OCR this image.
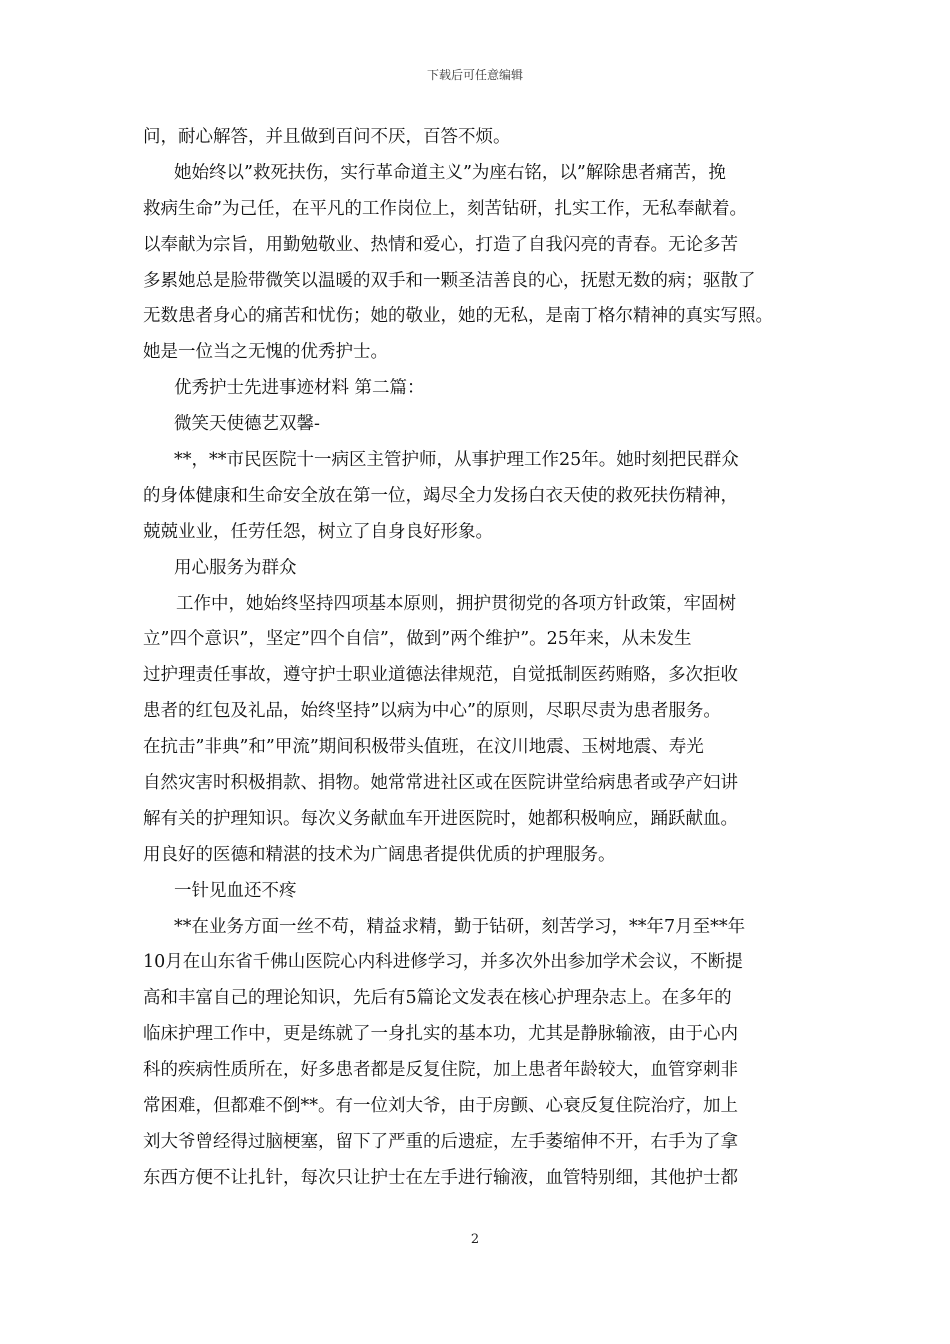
下载后可任意编辑
问，耐心解答，并且做到百问不厌，百答不烦。
她始终以”救死扶伤，实行革命道主义”为座右铭，以”解除患者痛苦，挽
救病生命”为己任，在平凡的工作岗位上，刻苦钻研，扎实工作，无私奉献着。
以奉献为宗旨，用勤勉敬业、热情和爱心，打造了自我闪亮的青春。无论多苦
多累她总是脸带微笑以温暖的双手和一颗圣洁善良的心，抚慰无数的病；驱散了
无数患者身心的痛苦和忧伤；她的敬业，她的无私，是南丁格尔精神的真实写照。
她是一位当之无愧的优秀护士。
优秀护士先进事迹材料 第二篇：
微笑天使德艺双馨-
**，**市民医院十一病区主管护师，从事护理工作25年。她时刻把民群众
的身体健康和生命安全放在第一位，竭尽全力发扬白衣天使的救死扶伤精神，
兢兢业业，任劳任怨，树立了自身良好形象。
用心服务为群众
工作中，她始终坚持四项基本原则，拥护贯彻党的各项方针政策，牢固树
立”四个意识”，坚定”四个自信”，做到”两个维护”。25年来，从未发生
过护理责任事故，遵守护士职业道德法律规范，自觉抵制医药贿赂，多次拒收
患者的红包及礼品，始终坚持”以病为中心”的原则，尽职尽责为患者服务。
在抗击”非典”和”甲流”期间积极带头值班，在汶川地震、玉树地震、寿光
自然灾害时积极捐款、捐物。她常常进社区或在医院讲堂给病患者或孕产妇讲
解有关的护理知识。每次义务献血车开进医院时，她都积极响应，踊跃献血。
用良好的医德和精湛的技术为广阔患者提供优质的护理服务。
一针见血还不疼
**在业务方面一丝不苟，精益求精，勤于钻研，刻苦学习，**年7月至**年
10月在山东省千佛山医院心内科进修学习，并多次外出参加学术会议，不断提
高和丰富自己的理论知识，先后有5篇论文发表在核心护理杂志上。在多年的
临床护理工作中，更是练就了一身扎实的基本功，尤其是静脉输液，由于心内
科的疾病性质所在，好多患者都是反复住院，加上患者年龄较大，血管穿刺非
常困难，但都难不倒**。有一位刘大爷，由于房颤、心衰反复住院治疗，加上
刘大爷曾经得过脑梗塞，留下了严重的后遗症，左手萎缩伸不开，右手为了拿
东西方便不让扎针，每次只让护士在左手进行输液，血管特别细，其他护士都
2
